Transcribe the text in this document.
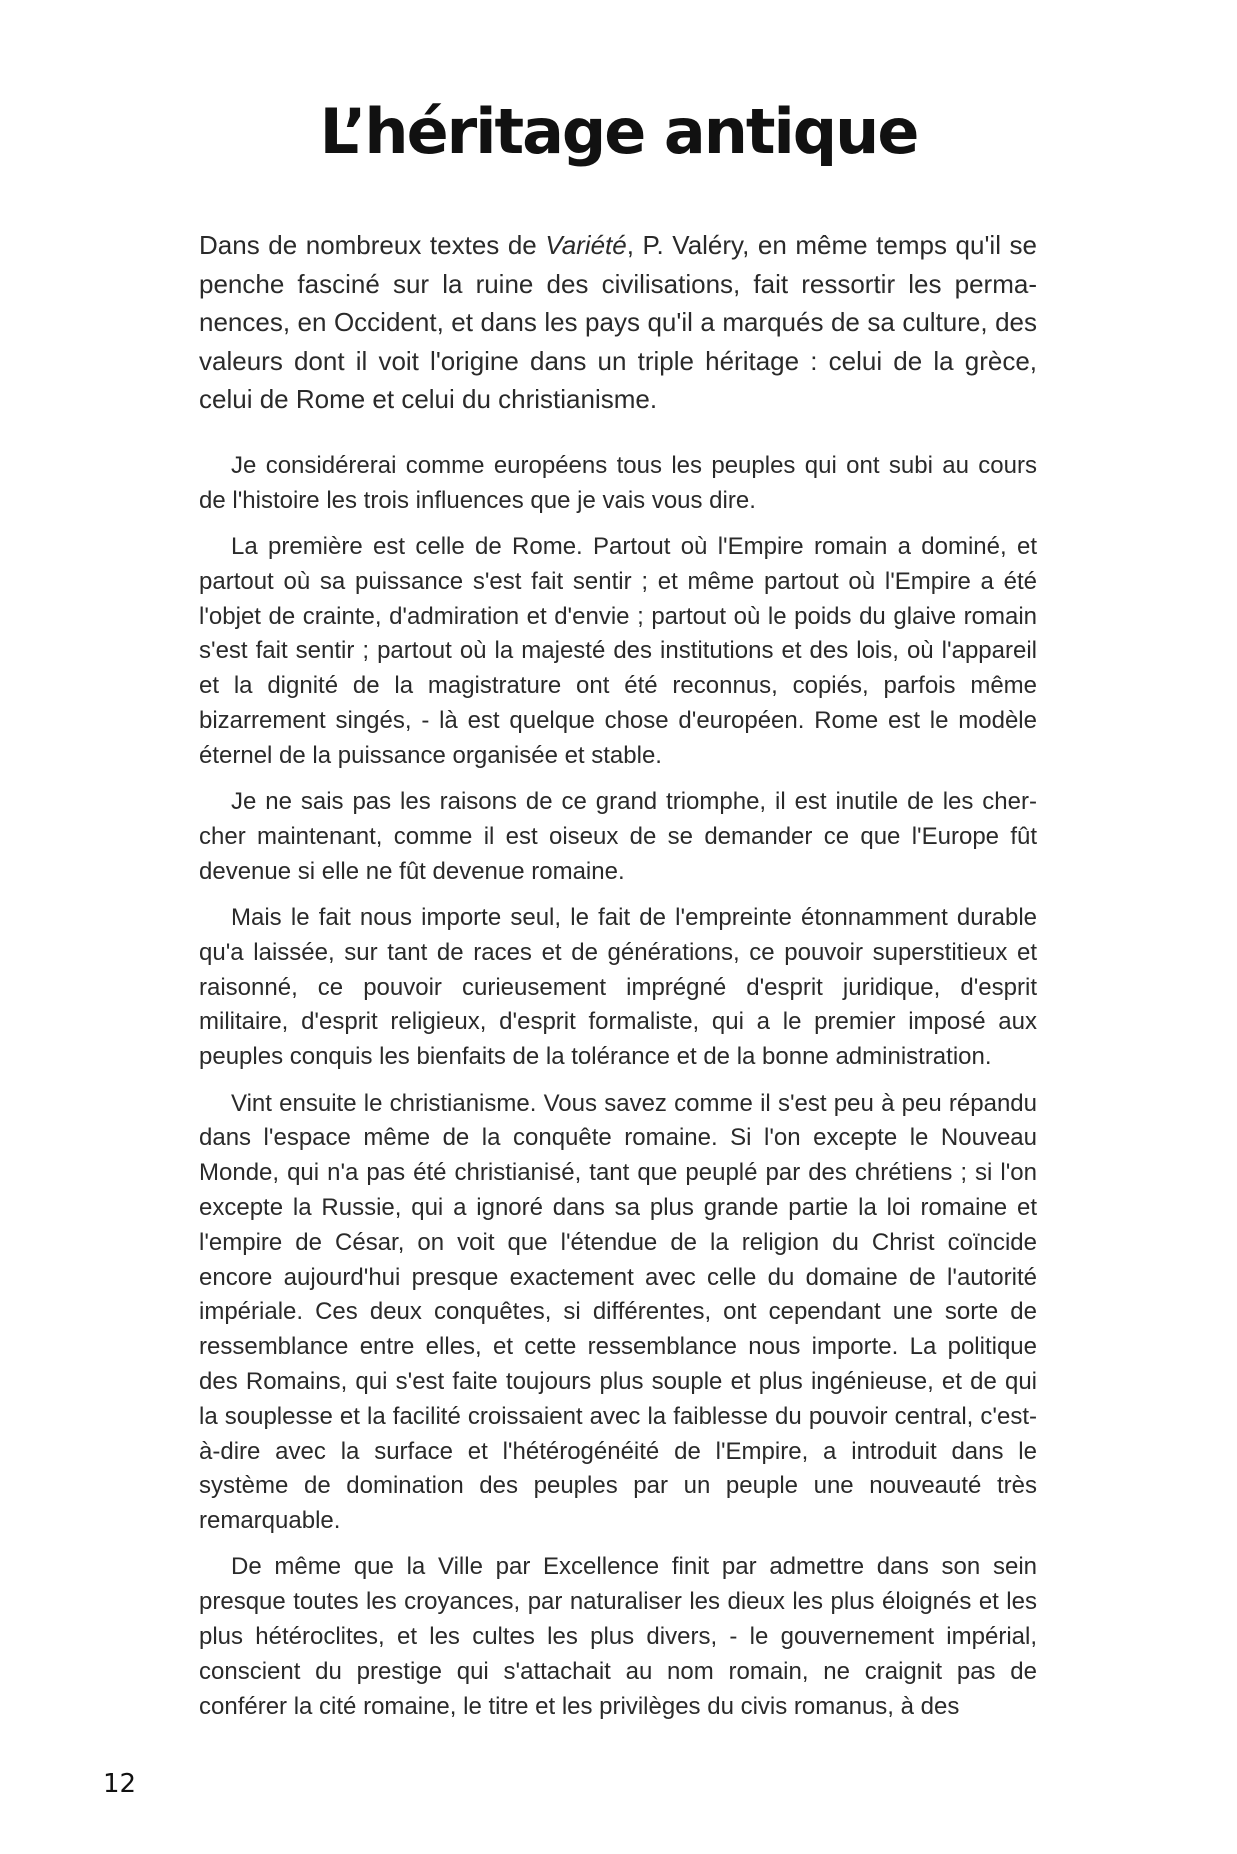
L’héritage antique

Dans de nombreux textes de Variété, P. Valéry, en même temps qu'il se penche fasciné sur la ruine des civilisations, fait ressortir les permanences, en Occident, et dans les pays qu'il a marqués de sa culture, des valeurs dont il voit l'origine dans un triple héritage : celui de la grèce, celui de Rome et celui du christianisme.

Je considérerai comme européens tous les peuples qui ont subi au cours de l'histoire les trois influences que je vais vous dire.

La première est celle de Rome. Partout où l'Empire romain a dominé, et partout où sa puissance s'est fait sentir ; et même partout où l'Empire a été l'objet de crainte, d'admiration et d'envie ; partout où le poids du glaive romain s'est fait sentir ; partout où la majesté des institutions et des lois, où l'appareil et la dignité de la magistrature ont été reconnus, copiés, parfois même bizarrement singés, - là est quelque chose d'européen. Rome est le modèle éternel de la puissance organisée et stable.

Je ne sais pas les raisons de ce grand triomphe, il est inutile de les chercher maintenant, comme il est oiseux de se demander ce que l'Europe fût devenue si elle ne fût devenue romaine.

Mais le fait nous importe seul, le fait de l'empreinte étonnamment durable qu'a laissée, sur tant de races et de générations, ce pouvoir superstitieux et raisonné, ce pouvoir curieusement imprégné d'esprit juridique, d'esprit militaire, d'esprit religieux, d'esprit formaliste, qui a le premier imposé aux peuples conquis les bienfaits de la tolérance et de la bonne administration.

Vint ensuite le christianisme. Vous savez comme il s'est peu à peu répandu dans l'espace même de la conquête romaine. Si l'on excepte le Nouveau Monde, qui n'a pas été christianisé, tant que peuplé par des chrétiens ; si l'on excepte la Russie, qui a ignoré dans sa plus grande partie la loi romaine et l'empire de César, on voit que l'étendue de la religion du Christ coïncide encore aujourd'hui presque exactement avec celle du domaine de l'autorité impériale. Ces deux conquêtes, si différentes, ont cependant une sorte de ressemblance entre elles, et cette ressemblance nous importe. La politique des Romains, qui s'est faite toujours plus souple et plus ingénieuse, et de qui la souplesse et la facilité croissaient avec la faiblesse du pouvoir central, c'est-à-dire avec la surface et l'hétérogénéité de l'Empire, a introduit dans le système de domination des peuples par un peuple une nouveauté très remarquable.

De même que la Ville par Excellence finit par admettre dans son sein presque toutes les croyances, par naturaliser les dieux les plus éloignés et les plus hétéroclites, et les cultes les plus divers, - le gouvernement impérial, conscient du prestige qui s'attachait au nom romain, ne craignit pas de conférer la cité romaine, le titre et les privilèges du civis romanus, à des

12
